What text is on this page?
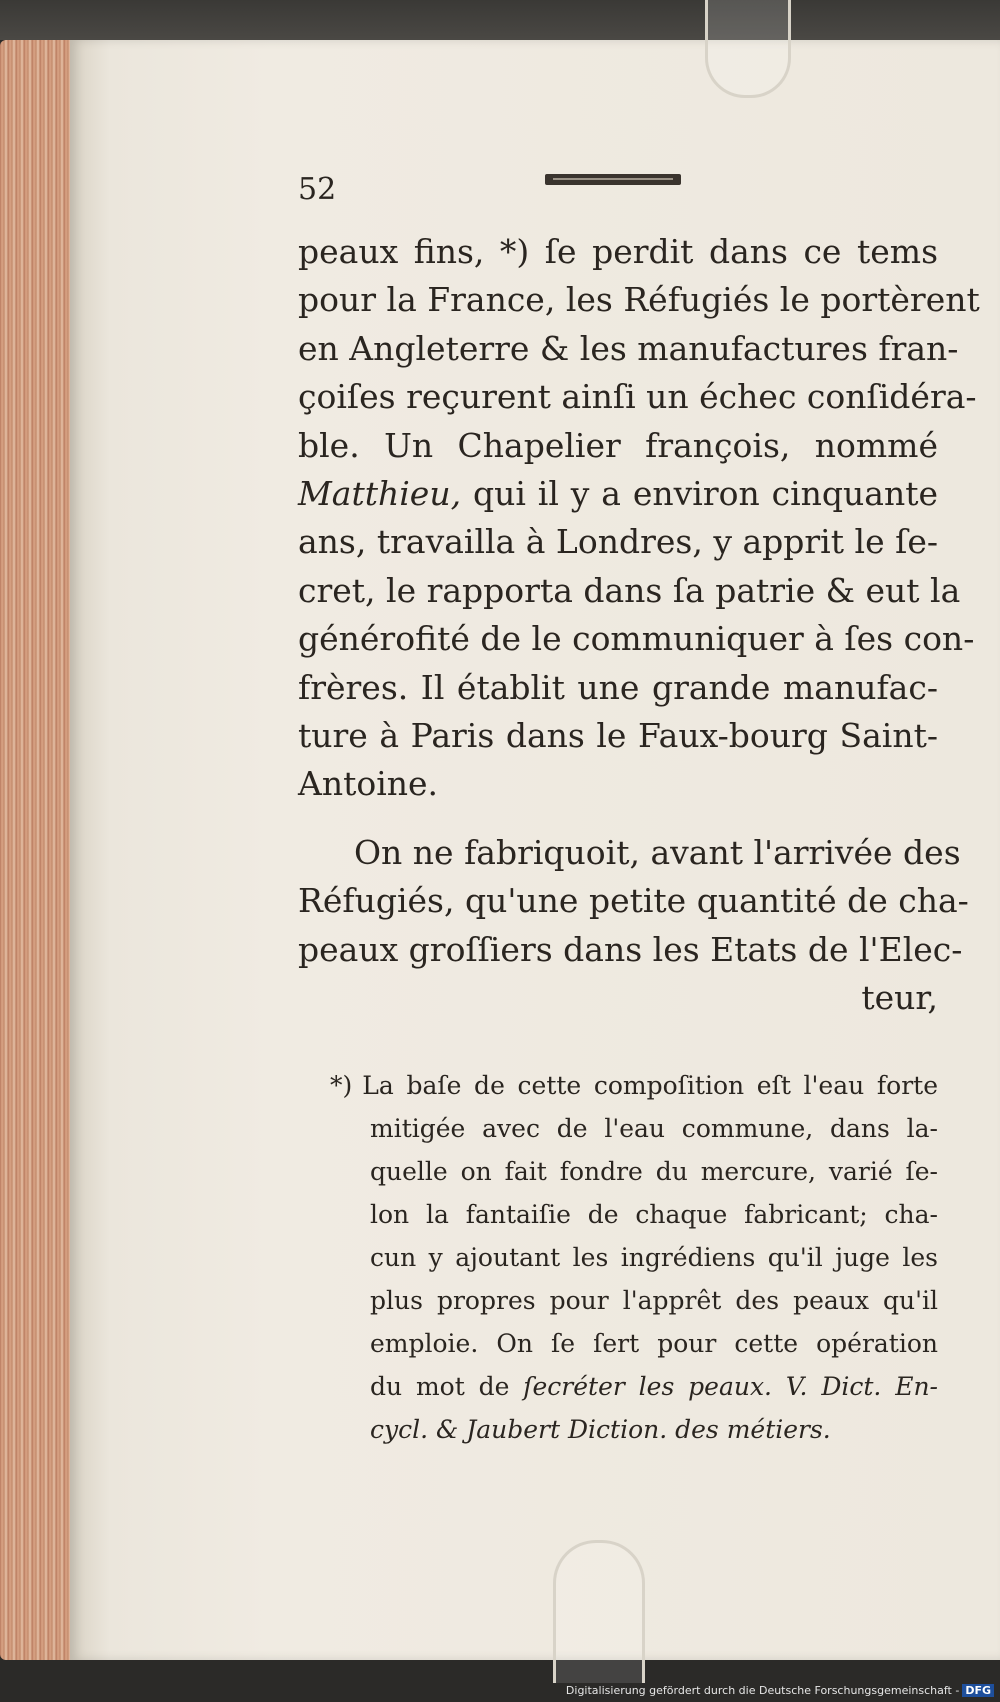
52
peaux fins, *) ſe perdit dans ce tems
pour la France, les Réfugiés le portèrent
en Angleterre & les manufactures fran-
çoiſes reçurent ainſi un échec conſidéra-
ble. Un Chapelier françois, nommé
Matthieu, qui il y a environ cinquante
ans, travailla à Londres, y apprit le ſe-
cret, le rapporta dans ſa patrie & eut la
générofité de le communiquer à ſes con-
frères. Il établit une grande manufac-
ture à Paris dans le Faux-bourg Saint-
Antoine.
On ne fabriquoit, avant l'arrivée des
Réfugiés, qu'une petite quantité de cha-
peaux groſſiers dans les Etats de l'Elec-
teur,
*) La baſe de cette compoſition eſt l'eau forte
mitigée avec de l'eau commune, dans la-
quelle on fait fondre du mercure, varié ſe-
lon la fantaiſie de chaque fabricant; cha-
cun y ajoutant les ingrédiens qu'il juge les
plus propres pour l'apprêt des peaux qu'il
emploie. On ſe ſert pour cette opération
du mot de ſecréter les peaux. V. Dict. En-
cycl. & Jaubert Diction. des métiers.
Digitalisierung gefördert durch die Deutsche Forschungsgemeinschaft - DFG
